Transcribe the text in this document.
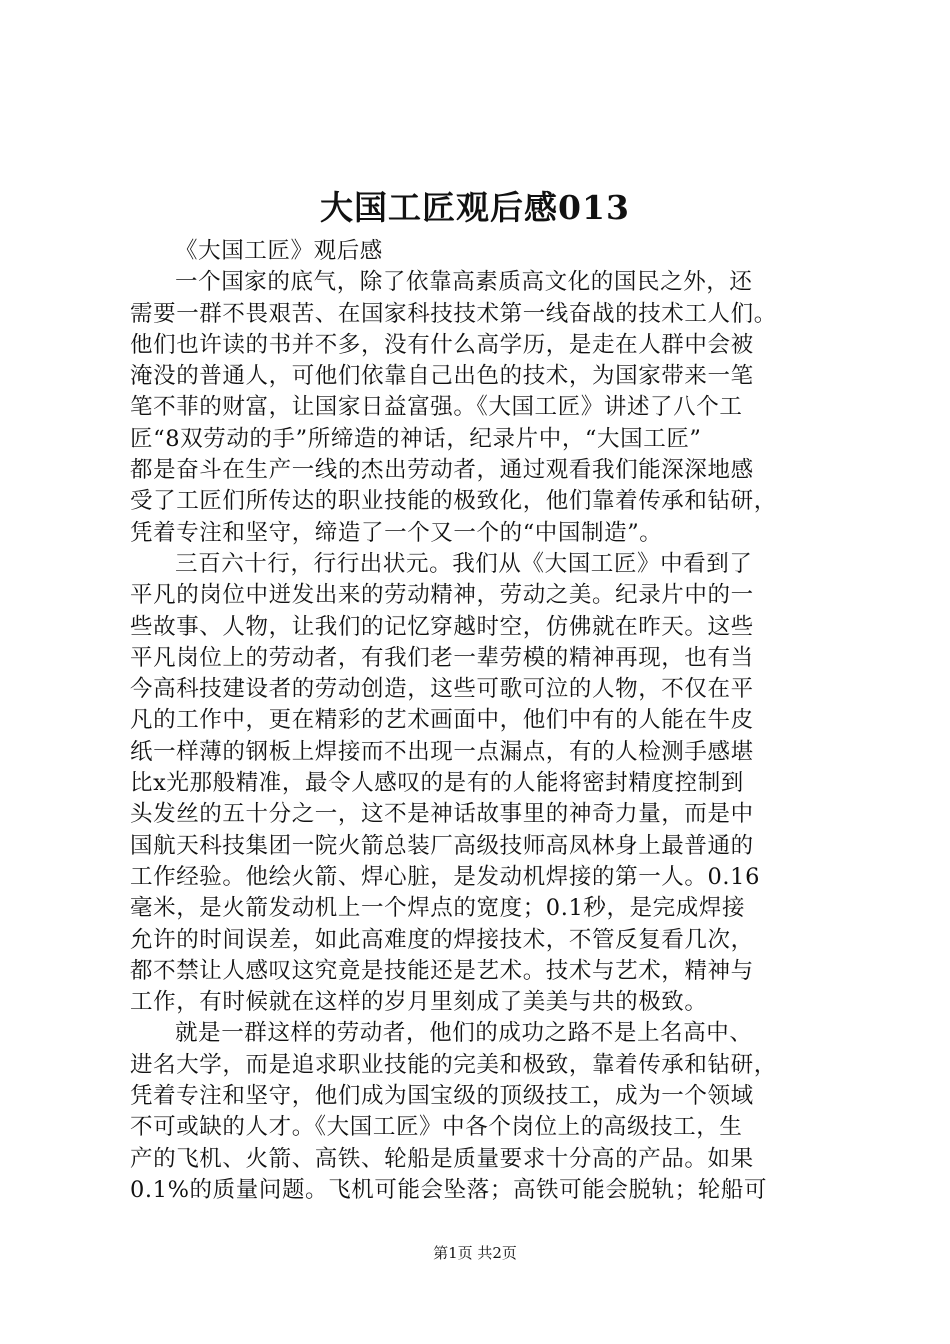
大国工匠观后感013
《大国工匠》观后感
一个国家的底气，除了依靠高素质高文化的国民之外，还
需要一群不畏艰苦、在国家科技技术第一线奋战的技术工人们。
他们也许读的书并不多，没有什么高学历，是走在人群中会被
淹没的普通人，可他们依靠自己出色的技术，为国家带来一笔
笔不菲的财富，让国家日益富强。《大国工匠》讲述了八个工
匠“8双劳动的手”所缔造的神话，纪录片中，“大国工匠”
都是奋斗在生产一线的杰出劳动者，通过观看我们能深深地感
受了工匠们所传达的职业技能的极致化，他们靠着传承和钻研，
凭着专注和坚守，缔造了一个又一个的“中国制造”。
三百六十行，行行出状元。我们从《大国工匠》中看到了
平凡的岗位中迸发出来的劳动精神，劳动之美。纪录片中的一
些故事、人物，让我们的记忆穿越时空，仿佛就在昨天。这些
平凡岗位上的劳动者，有我们老一辈劳模的精神再现，也有当
今高科技建设者的劳动创造，这些可歌可泣的人物，不仅在平
凡的工作中，更在精彩的艺术画面中，他们中有的人能在牛皮
纸一样薄的钢板上焊接而不出现一点漏点，有的人检测手感堪
比x光那般精准，最令人感叹的是有的人能将密封精度控制到
头发丝的五十分之一，这不是神话故事里的神奇力量，而是中
国航天科技集团一院火箭总装厂高级技师高凤林身上最普通的
工作经验。他绘火箭、焊心脏，是发动机焊接的第一人。0.16
毫米，是火箭发动机上一个焊点的宽度；0.1秒，是完成焊接
允许的时间误差，如此高难度的焊接技术，不管反复看几次，
都不禁让人感叹这究竟是技能还是艺术。技术与艺术，精神与
工作，有时候就在这样的岁月里刻成了美美与共的极致。
就是一群这样的劳动者，他们的成功之路不是上名高中、
进名大学，而是追求职业技能的完美和极致，靠着传承和钻研，
凭着专注和坚守，他们成为国宝级的顶级技工，成为一个领域
不可或缺的人才。《大国工匠》中各个岗位上的高级技工，生
产的飞机、火箭、高铁、轮船是质量要求十分高的产品。如果
0.1%的质量问题。飞机可能会坠落；高铁可能会脱轨；轮船可
第1页 共2页
